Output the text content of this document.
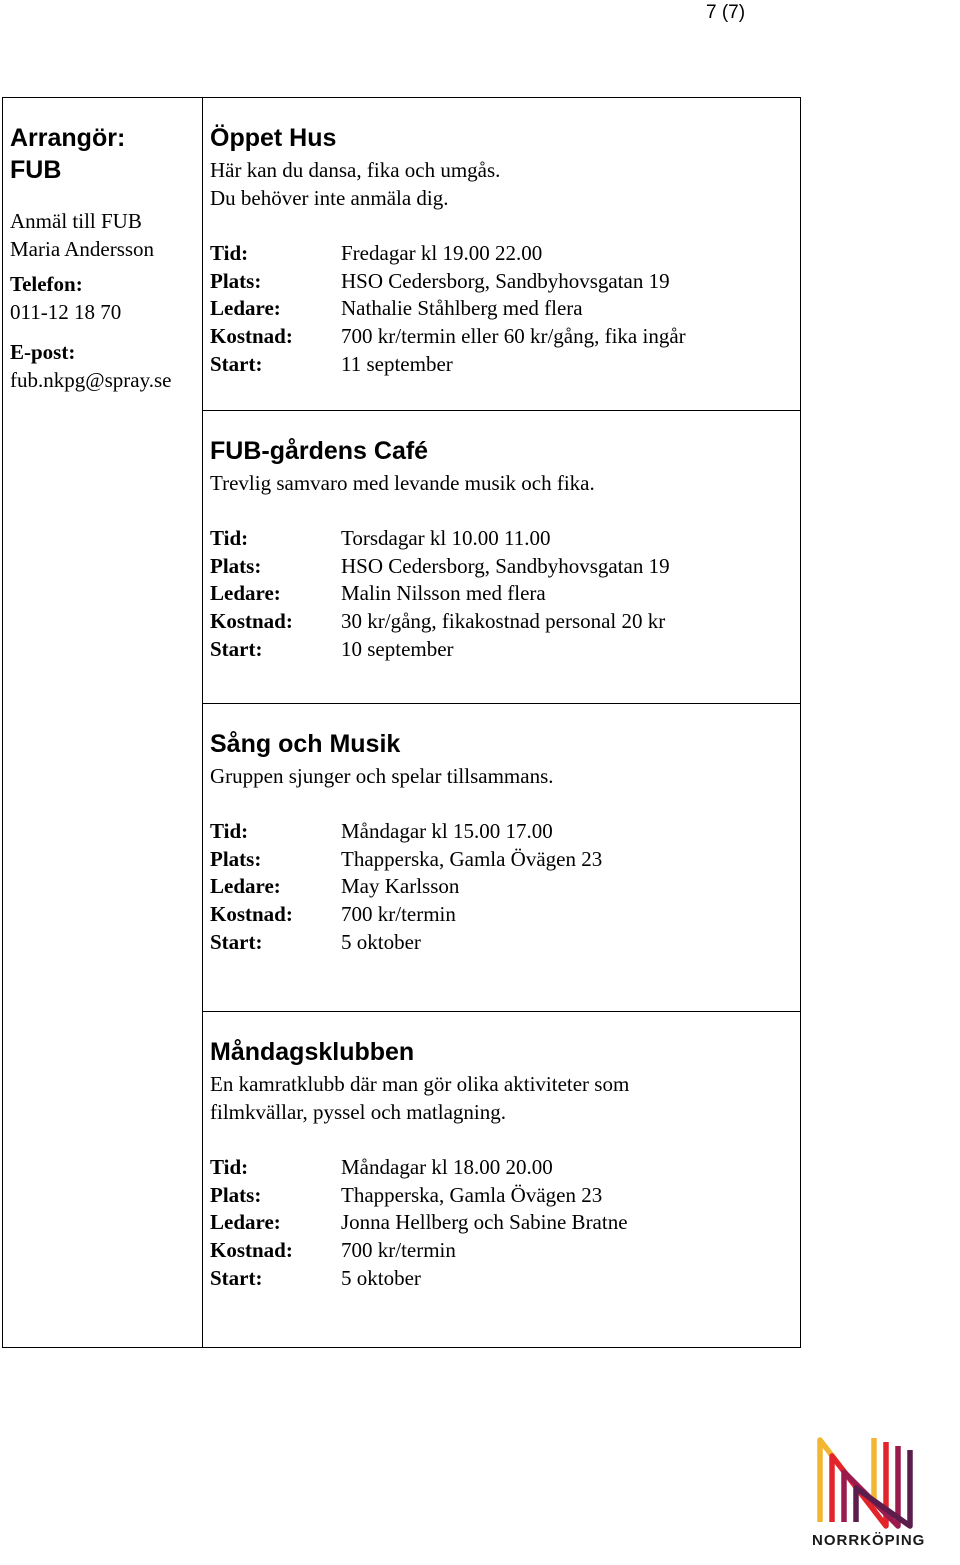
7 (7)
Arrangör:
FUB
Anmäl till FUB
Maria Andersson
Telefon:
011-12 18 70
E-post:
fub.nkpg@spray.se

Öppet Hus
Här kan du dansa, fika och umgås.
Du behöver inte anmäla dig.
Tid:	Fredagar kl 19.00 22.00
Plats:	HSO Cedersborg, Sandbyhovsgatan 19
Ledare:	Nathalie Ståhlberg med flera
Kostnad:	700 kr/termin eller 60 kr/gång, fika ingår
Start:	11 september

FUB-gårdens Café
Trevlig samvaro med levande musik och fika.
Tid:	Torsdagar kl 10.00 11.00
Plats:	HSO Cedersborg, Sandbyhovsgatan 19
Ledare:	Malin Nilsson med flera
Kostnad:	30 kr/gång, fikakostnad personal 20 kr
Start:	10 september

Sång och Musik
Gruppen sjunger och spelar tillsammans.
Tid:	Måndagar kl 15.00 17.00
Plats:	Thapperska, Gamla Övägen 23
Ledare:	May Karlsson
Kostnad:	700 kr/termin
Start:	5 oktober

Måndagsklubben
En kamratklubb där man gör olika aktiviteter som
filmkvällar, pyssel och matlagning.
Tid:	Måndagar kl 18.00 20.00
Plats:	Thapperska, Gamla Övägen 23
Ledare:	Jonna Hellberg och Sabine Bratne
Kostnad:	700 kr/termin
Start:	5 oktober
NORRKÖPING
